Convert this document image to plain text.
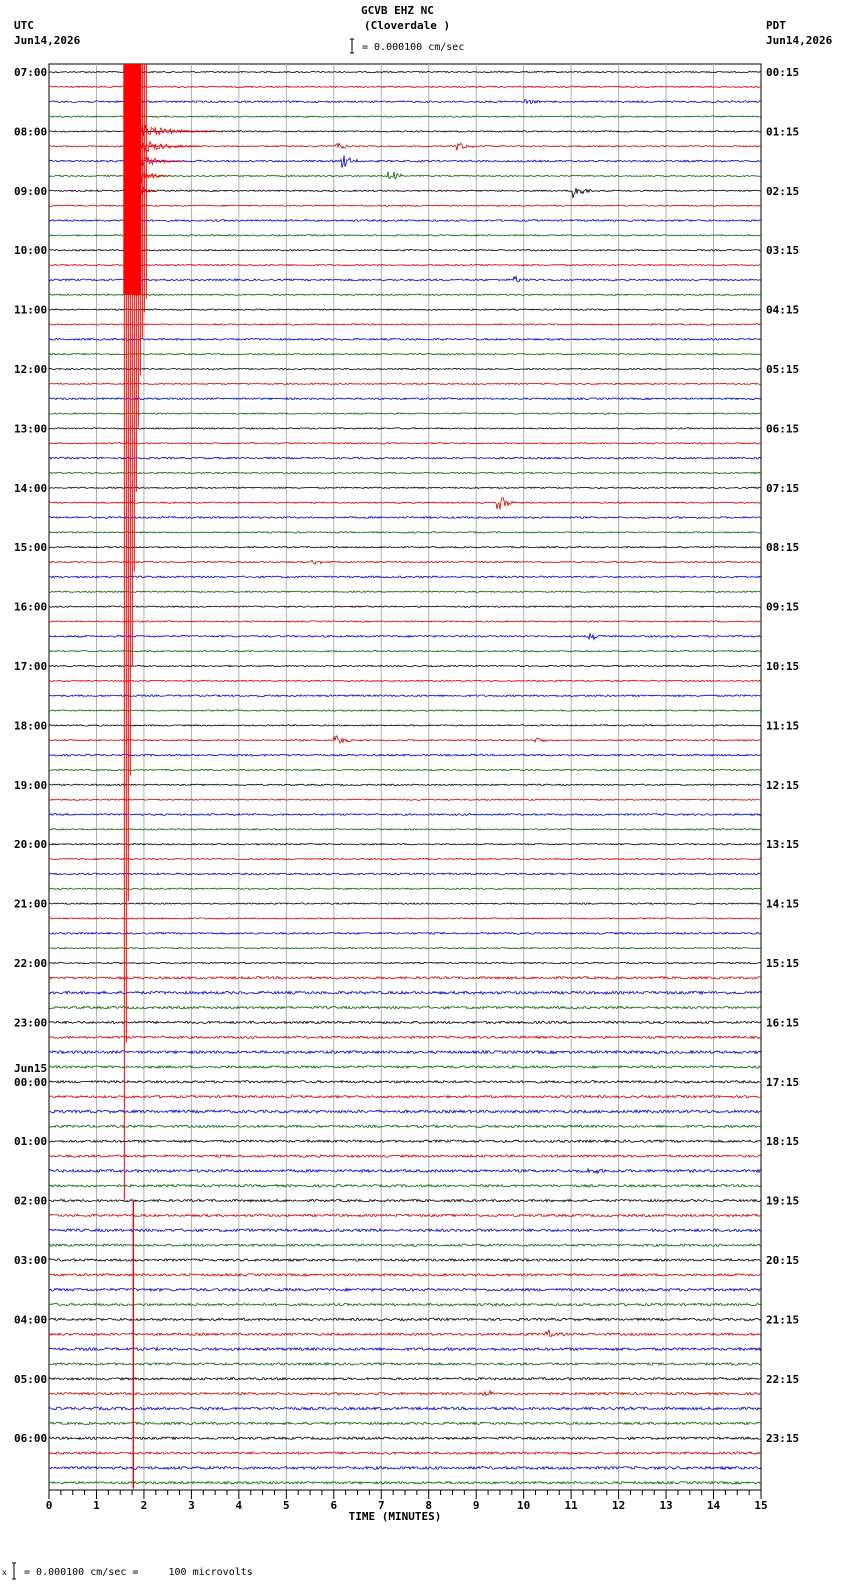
UTC
Jun14,2026
GCVB EHZ NC
(Cloverdale )	PDT
Jun14,2026
= 0.000100 cm/sec
07:00
08:00
09:00
10:00
11:00
12:00
13:00
14:00
15:00
16:00
17:00
18:00
19:00
20:00
21:00
22:00
23:00
00:00
01:00
02:00
03:00
04:00
05:00
06:00
Jun15
00:15
01:15
02:15
03:15
04:15
05:15
06:15
07:15
08:15
09:15
10:15
11:15
12:15
13:15
14:15
15:15
16:15
17:15
18:15
19:15
20:15
21:15
22:15
23:15
0	1	2	3	4	5	6	7	8	9	10	11	12	13	14	15
TIME (MINUTES)
x = 0.000100 cm/sec =     100 microvolts
